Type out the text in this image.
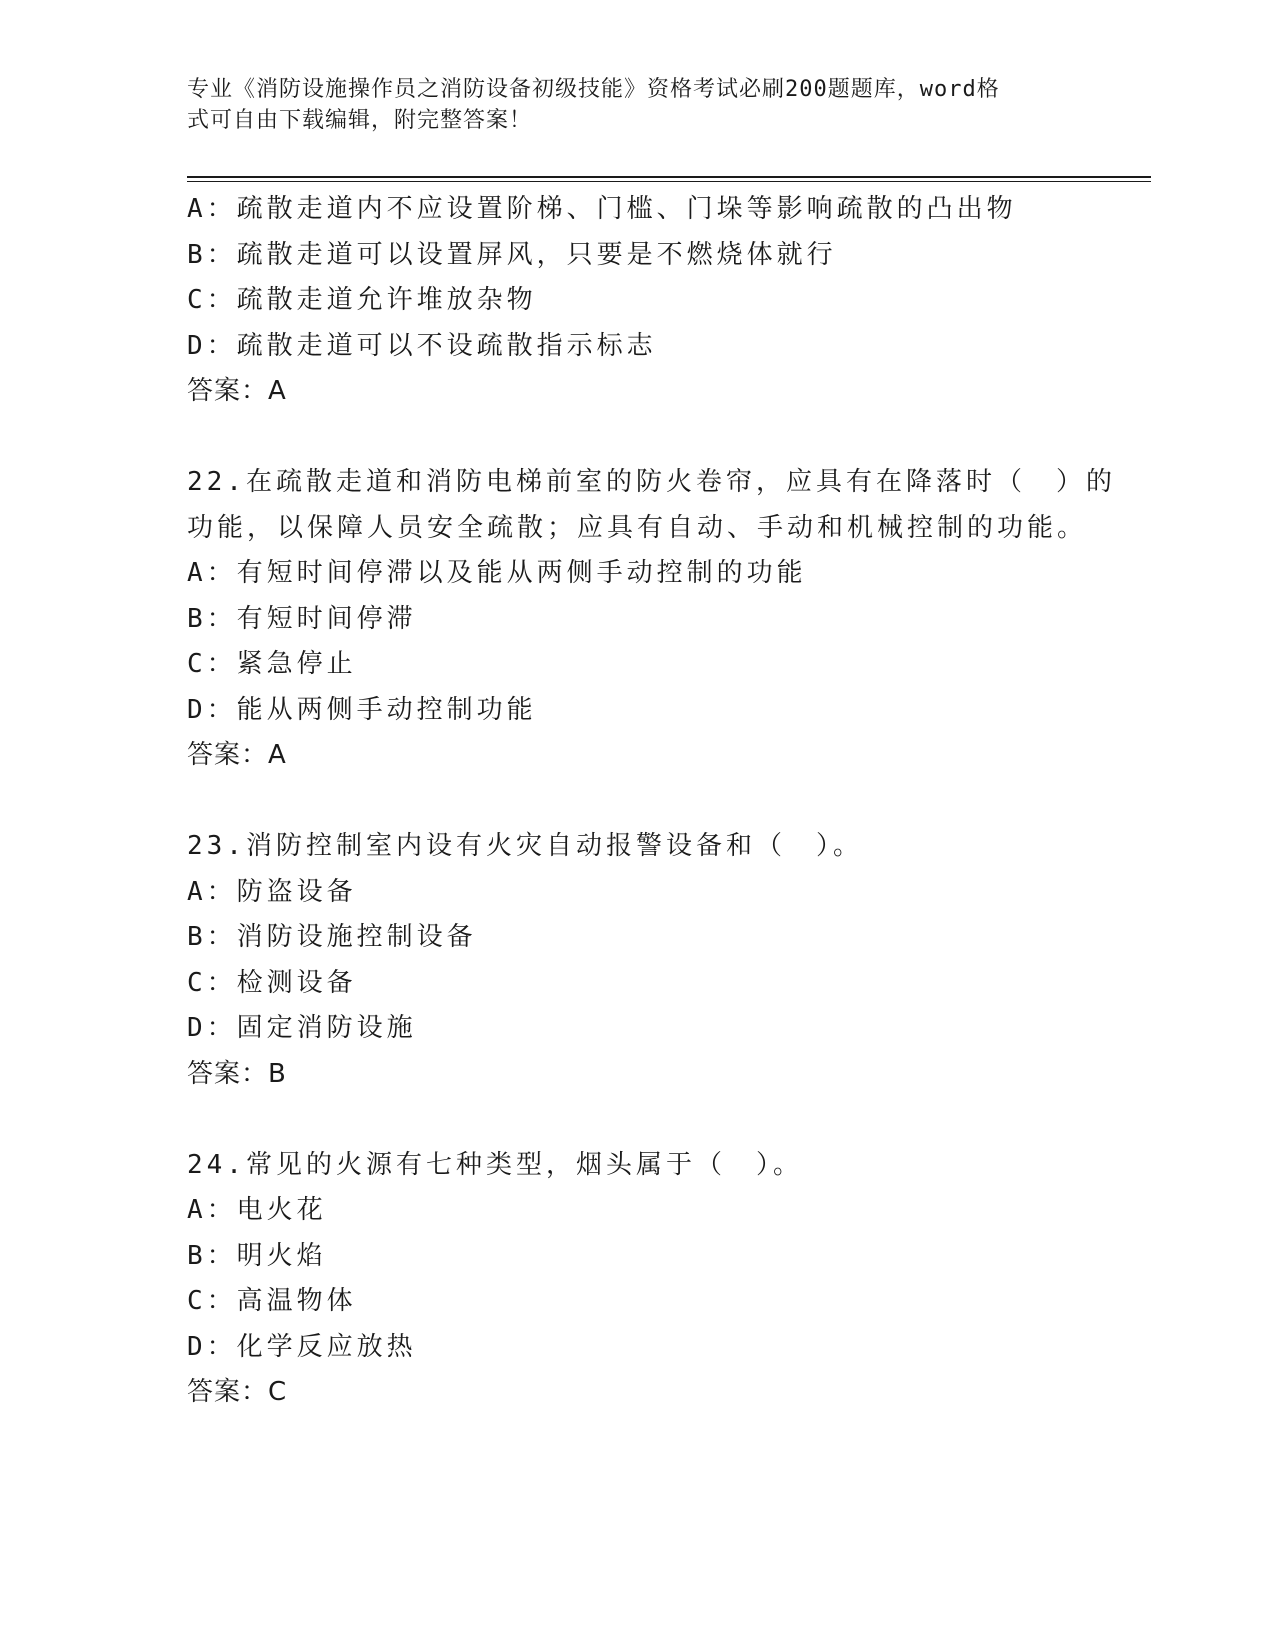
专业《消防设施操作员之消防设备初级技能》资格考试必刷200题题库，word格
式可自由下载编辑，附完整答案！
A：疏散走道内不应设置阶梯、门槛、门垛等影响疏散的凸出物
B：疏散走道可以设置屏风，只要是不燃烧体就行
C：疏散走道允许堆放杂物
D：疏散走道可以不设疏散指示标志
答案：A
22.在疏散走道和消防电梯前室的防火卷帘，应具有在降落时（　）的
功能，以保障人员安全疏散；应具有自动、手动和机械控制的功能。
A：有短时间停滞以及能从两侧手动控制的功能
B：有短时间停滞
C：紧急停止
D：能从两侧手动控制功能
答案：A
23.消防控制室内设有火灾自动报警设备和（　）。
A：防盗设备
B：消防设施控制设备
C：检测设备
D：固定消防设施
答案：B
24.常见的火源有七种类型，烟头属于（　）。
A：电火花
B：明火焰
C：高温物体
D：化学反应放热
答案：C
